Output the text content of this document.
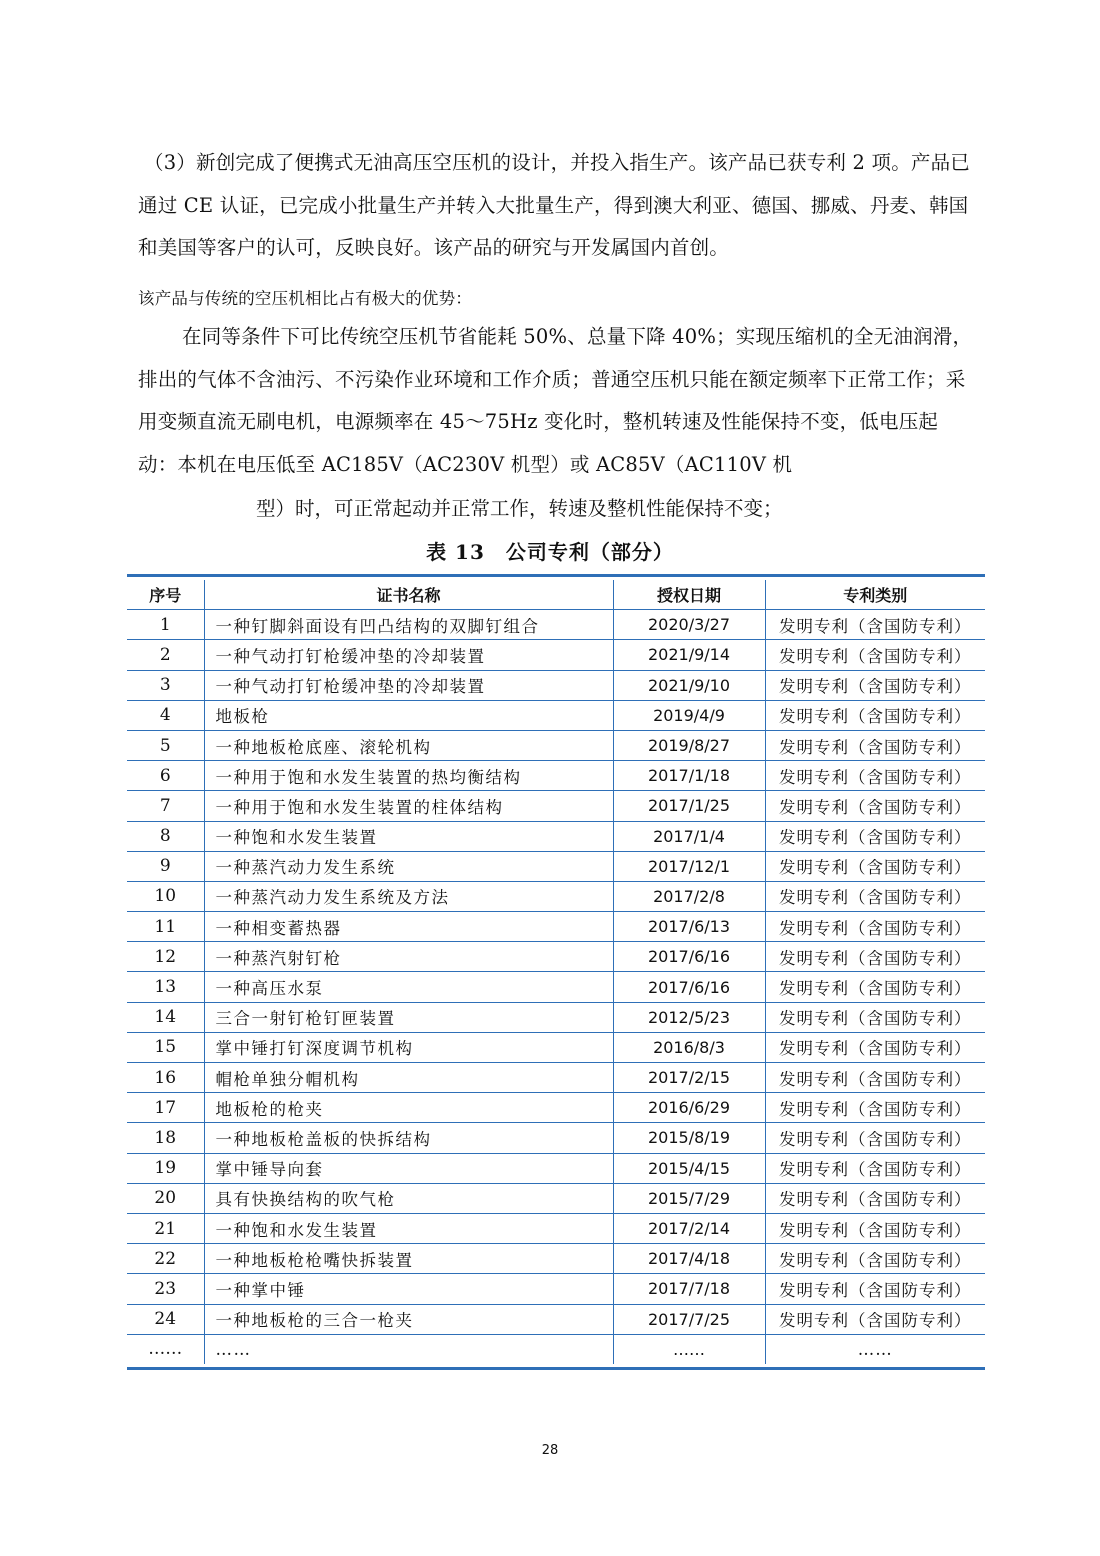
（3）新创完成了便携式无油高压空压机的设计，并投入指生产。该产品已获专利 2 项。产品已通过 CE 认证，已完成小批量生产并转入大批量生产，得到澳大利亚、德国、挪威、丹麦、韩国和美国等客户的认可，反映良好。该产品的研究与开发属国内首创。

该产品与传统的空压机相比占有极大的优势：

在同等条件下可比传统空压机节省能耗 50%、总量下降 40%；实现压缩机的全无油润滑，排出的气体不含油污、不污染作业环境和工作介质；普通空压机只能在额定频率下正常工作；采用变频直流无刷电机，电源频率在 45～75Hz 变化时，整机转速及性能保持不变，低电压起动：本机在电压低至 AC185V（AC230V 机型）或 AC85V（AC110V 机

型）时，可正常起动并正常工作，转速及整机性能保持不变；

表 13　公司专利（部分）
序号	证书名称	授权日期	专利类别
1	一种钉脚斜面设有凹凸结构的双脚钉组合	2020/3/27	发明专利（含国防专利）
2	一种气动打钉枪缓冲垫的冷却装置	2021/9/14	发明专利（含国防专利）
3	一种气动打钉枪缓冲垫的冷却装置	2021/9/10	发明专利（含国防专利）
4	地板枪	2019/4/9	发明专利（含国防专利）
5	一种地板枪底座、滚轮机构	2019/8/27	发明专利（含国防专利）
6	一种用于饱和水发生装置的热均衡结构	2017/1/18	发明专利（含国防专利）
7	一种用于饱和水发生装置的柱体结构	2017/1/25	发明专利（含国防专利）
8	一种饱和水发生装置	2017/1/4	发明专利（含国防专利）
9	一种蒸汽动力发生系统	2017/12/1	发明专利（含国防专利）
10	一种蒸汽动力发生系统及方法	2017/2/8	发明专利（含国防专利）
11	一种相变蓄热器	2017/6/13	发明专利（含国防专利）
12	一种蒸汽射钉枪	2017/6/16	发明专利（含国防专利）
13	一种高压水泵	2017/6/16	发明专利（含国防专利）
14	三合一射钉枪钉匣装置	2012/5/23	发明专利（含国防专利）
15	掌中锤打钉深度调节机构	2016/8/3	发明专利（含国防专利）
16	帽枪单独分帽机构	2017/2/15	发明专利（含国防专利）
17	地板枪的枪夹	2016/6/29	发明专利（含国防专利）
18	一种地板枪盖板的快拆结构	2015/8/19	发明专利（含国防专利）
19	掌中锤导向套	2015/4/15	发明专利（含国防专利）
20	具有快换结构的吹气枪	2015/7/29	发明专利（含国防专利）
21	一种饱和水发生装置	2017/2/14	发明专利（含国防专利）
22	一种地板枪枪嘴快拆装置	2017/4/18	发明专利（含国防专利）
23	一种掌中锤	2017/7/18	发明专利（含国防专利）
24	一种地板枪的三合一枪夹	2017/7/25	发明专利（含国防专利）
……	……	……	……
28
